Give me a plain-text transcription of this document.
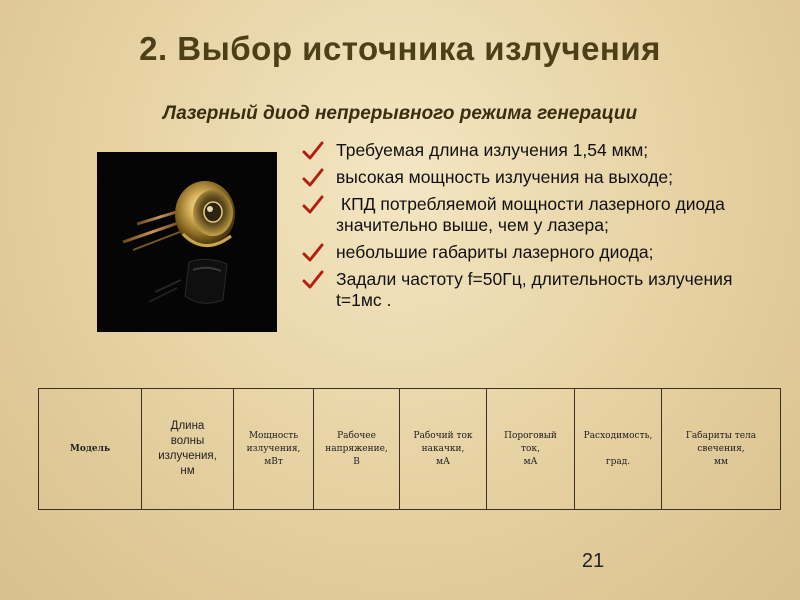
2. Выбор источника излучения
Лазерный диод непрерывного режима генерации
Требуемая длина излучения 1,54 мкм;
высокая мощность излучения на выходе;
КПД потребляемой мощности лазерного диода значительно выше, чем у лазера;
небольшие габариты лазерного диода;
Задали частоту f=50Гц, длительность излучения t=1мс .
Модель	Длина
волны
излучения,
нм	Мощность
излучения,
мВт	Рабочее
напряжение,
В	Рабочий ток
накачки,
мА	Пороговый
ток,
мА	Расходимость,

град.	Габариты тела
свечения,
мм
21
